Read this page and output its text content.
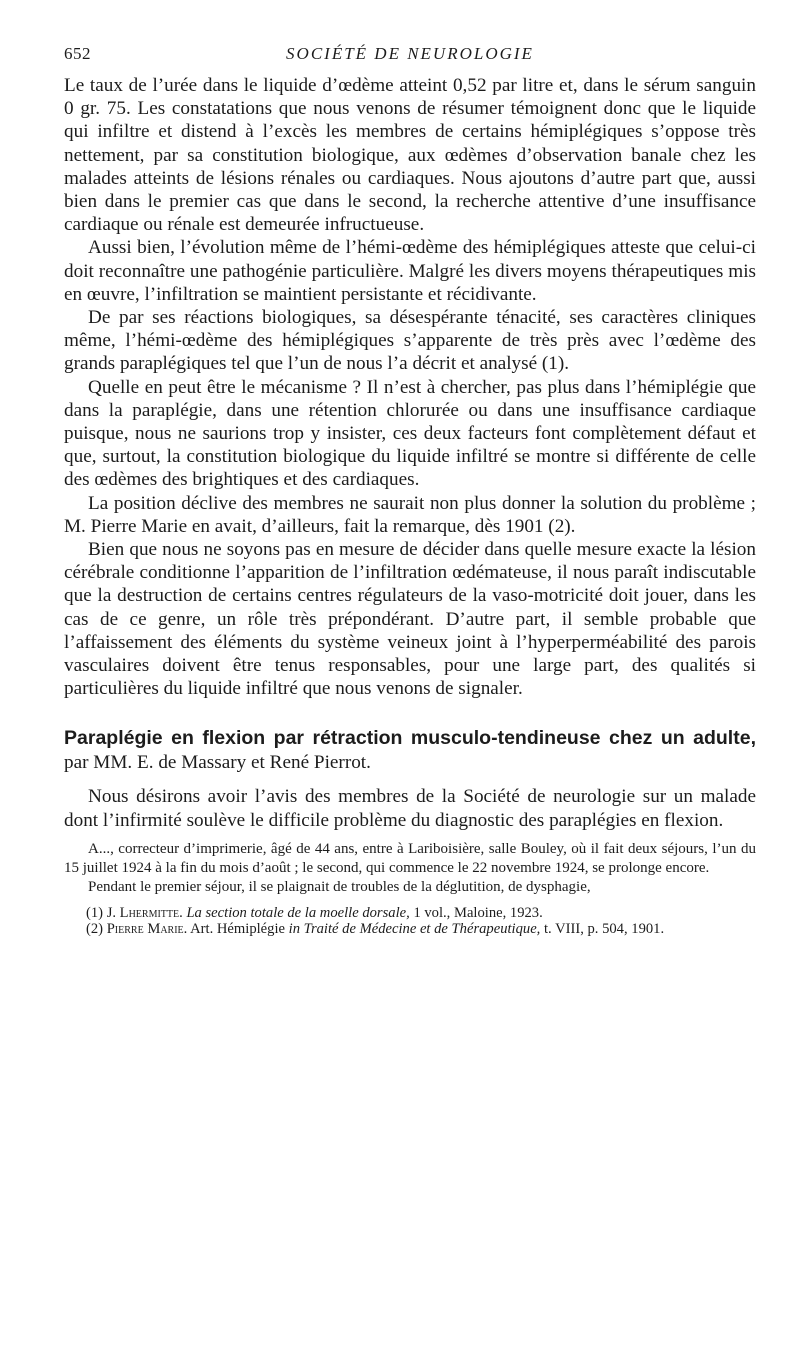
652	SOCIÉTÉ DE NEUROLOGIE

Le taux de l’urée dans le liquide d’œdème atteint 0,52 par litre et, dans le sérum sanguin 0 gr. 75. Les constatations que nous venons de résumer témoignent donc que le liquide qui infiltre et distend à l’excès les membres de certains hémiplégiques s’oppose très nettement, par sa constitution biologique, aux œdèmes d’observation banale chez les malades atteints de lésions rénales ou cardiaques. Nous ajoutons d’autre part que, aussi bien dans le premier cas que dans le second, la recherche attentive d’une insuffisance cardiaque ou rénale est demeurée infructueuse.

Aussi bien, l’évolution même de l’hémi-œdème des hémiplégiques atteste que celui-ci doit reconnaître une pathogénie particulière. Malgré les divers moyens thérapeutiques mis en œuvre, l’infiltration se maintient persistante et récidivante.

De par ses réactions biologiques, sa désespérante ténacité, ses caractères cliniques même, l’hémi-œdème des hémiplégiques s’apparente de très près avec l’œdème des grands paraplégiques tel que l’un de nous l’a décrit et analysé (1).

Quelle en peut être le mécanisme ? Il n’est à chercher, pas plus dans l’hémiplégie que dans la paraplégie, dans une rétention chlorurée ou dans une insuffisance cardiaque puisque, nous ne saurions trop y insister, ces deux facteurs font complètement défaut et que, surtout, la constitution biologique du liquide infiltré se montre si différente de celle des œdèmes des brightiques et des cardiaques.

La position déclive des membres ne saurait non plus donner la solution du problème ; M. Pierre Marie en avait, d’ailleurs, fait la remarque, dès 1901 (2).

Bien que nous ne soyons pas en mesure de décider dans quelle mesure exacte la lésion cérébrale conditionne l’apparition de l’infiltration œdémateuse, il nous paraît indiscutable que la destruction de certains centres régulateurs de la vaso-motricité doit jouer, dans les cas de ce genre, un rôle très prépondérant. D’autre part, il semble probable que l’affaissement des éléments du système veineux joint à l’hyperperméabilité des parois vasculaires doivent être tenus responsables, pour une large part, des qualités si particulières du liquide infiltré que nous venons de signaler.

Paraplégie en flexion par rétraction musculo-tendineuse chez un adulte, par MM. E. de Massary et René Pierrot.

Nous désirons avoir l’avis des membres de la Société de neurologie sur un malade dont l’infirmité soulève le difficile problème du diagnostic des paraplégies en flexion.

A..., correcteur d’imprimerie, âgé de 44 ans, entre à Lariboisière, salle Bouley, où il fait deux séjours, l’un du 15 juillet 1924 à la fin du mois d’août ; le second, qui commence le 22 novembre 1924, se prolonge encore.

Pendant le premier séjour, il se plaignait de troubles de la déglutition, de dysphagie,

(1) J. Lhermitte. La section totale de la moelle dorsale, 1 vol., Maloine, 1923.

(2) Pierre Marie. Art. Hémiplégie in Traité de Médecine et de Thérapeutique, t. VIII, p. 504, 1901.
